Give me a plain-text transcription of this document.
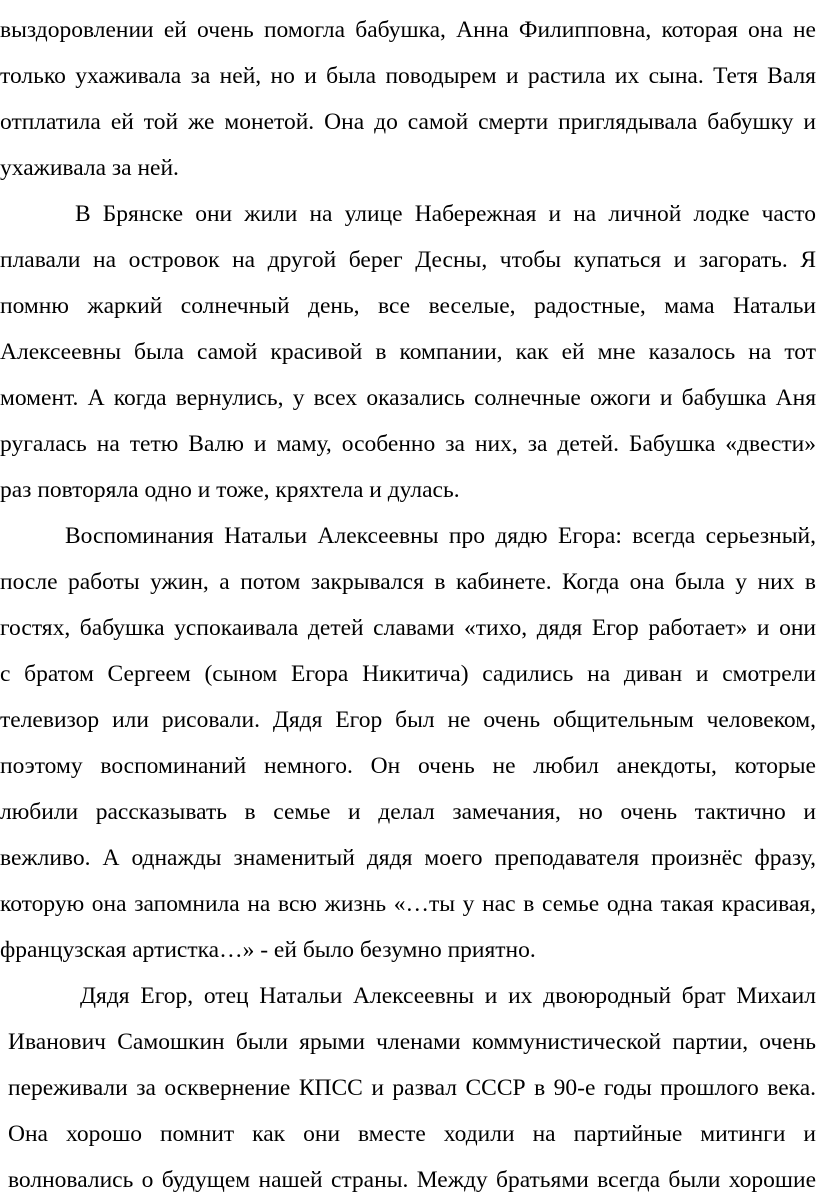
выздоровлении ей очень помогла бабушка, Анна Филипповна, которая она не

только ухаживала за ней, но и была поводырем и растила их сына. Тетя Валя

отплатила ей той же монетой. Она до самой смерти приглядывала бабушку и

ухаживала за ней.

В Брянске они жили на улице Набережная и на личной лодке часто

плавали на островок на другой берег Десны, чтобы купаться и загорать. Я

помню жаркий солнечный день, все веселые, радостные, мама Натальи

Алексеевны была самой красивой в компании, как ей мне казалось на тот

момент. А когда вернулись, у всех оказались солнечные ожоги и бабушка Аня

ругалась на тетю Валю и маму, особенно за них, за детей. Бабушка «двести»

раз повторяла одно и тоже, кряхтела и дулась.

Воспоминания Натальи Алексеевны про дядю Егора: всегда серьезный,

после работы ужин, а потом закрывался в кабинете. Когда она была у них в

гостях, бабушка успокаивала детей славами «тихо, дядя Егор работает» и они

с братом Сергеем (сыном Егора Никитича) садились на диван и смотрели

телевизор или рисовали. Дядя Егор был не очень общительным человеком,

поэтому воспоминаний немного. Он очень не любил анекдоты, которые

любили рассказывать в семье и делал замечания, но очень тактично и

вежливо. А однажды знаменитый дядя моего преподавателя произнёс фразу,

которую она запомнила на всю жизнь «…ты у нас в семье одна такая красивая,

французская артистка…» - ей было безумно приятно.

Дядя Егор, отец Натальи Алексеевны и их двоюродный брат Михаил

Иванович Самошкин были ярыми членами коммунистической партии, очень

переживали за осквернение КПСС и развал СССР в 90-е годы прошлого века.

Она хорошо помнит как они вместе ходили на партийные митинги и

волновались о будущем нашей страны. Между братьями всегда были хорошие
